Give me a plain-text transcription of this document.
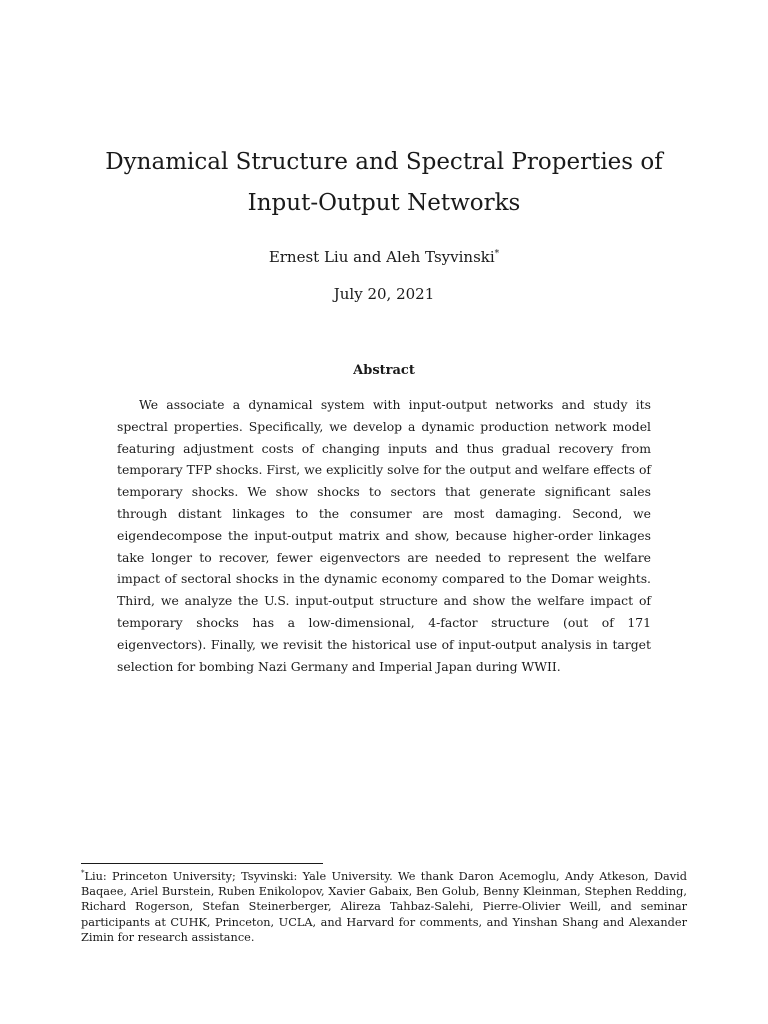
Dynamical Structure and Spectral Properties of
Input-Output Networks
Ernest Liu and Aleh Tsyvinski*
July 20, 2021
Abstract

We associate a dynamical system with input-output networks and study its spectral properties. Specifically, we develop a dynamic production network model featuring adjustment costs of changing inputs and thus gradual recovery from temporary TFP shocks. First, we explicitly solve for the output and welfare effects of temporary shocks. We show shocks to sectors that generate significant sales through distant linkages to the consumer are most damaging. Second, we eigendecompose the input-output matrix and show, because higher-order linkages take longer to recover, fewer eigenvectors are needed to represent the welfare impact of sectoral shocks in the dynamic economy compared to the Domar weights. Third, we analyze the U.S. input-output structure and show the welfare impact of temporary shocks has a low-dimensional, 4-factor structure (out of 171 eigenvectors). Finally, we revisit the historical use of input-output analysis in target selection for bombing Nazi Germany and Imperial Japan during WWII.

*Liu: Princeton University; Tsyvinski: Yale University. We thank Daron Acemoglu, Andy Atkeson, David Baqaee, Ariel Burstein, Ruben Enikolopov, Xavier Gabaix, Ben Golub, Benny Kleinman, Stephen Redding, Richard Rogerson, Stefan Steinerberger, Alireza Tahbaz-Salehi, Pierre-Olivier Weill, and seminar participants at CUHK, Princeton, UCLA, and Harvard for comments, and Yinshan Shang and Alexander Zimin for research assistance.
